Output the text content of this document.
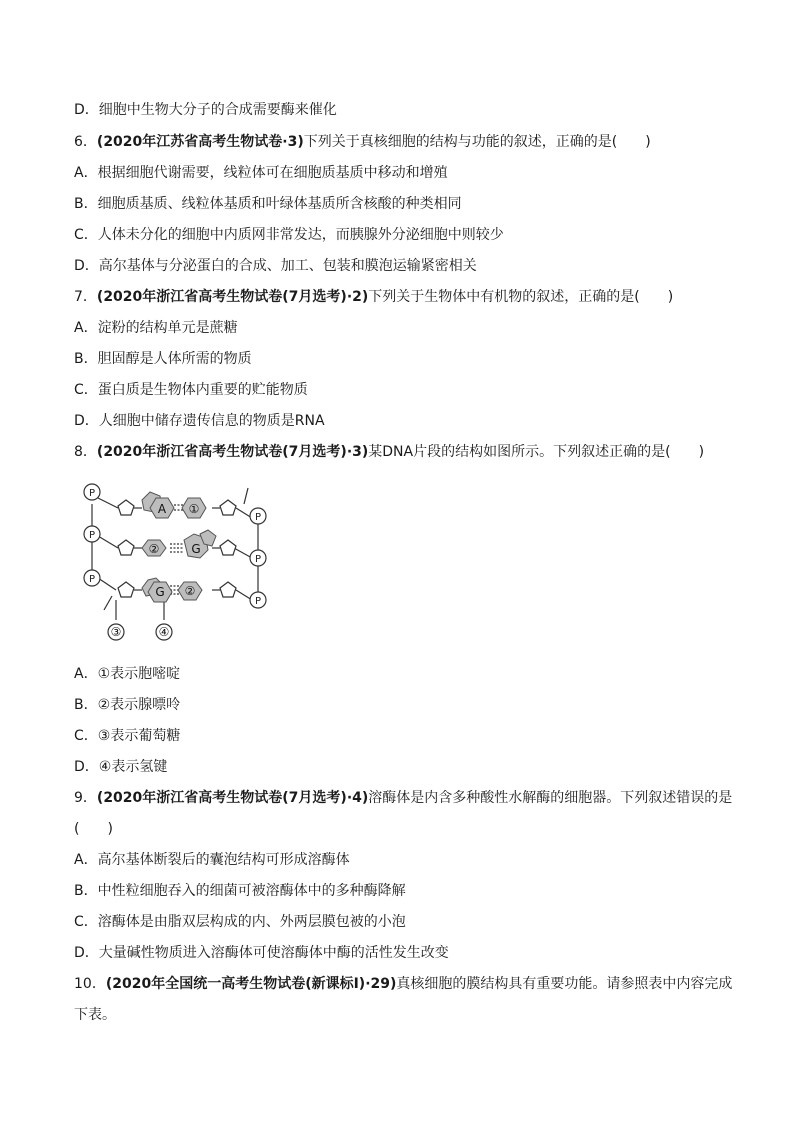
D．细胞中生物大分子的合成需要酶来催化
6．(2020年江苏省高考生物试卷·3)下列关于真核细胞的结构与功能的叙述，正确的是(　　)
A．根据细胞代谢需要，线粒体可在细胞质基质中移动和增殖
B．细胞质基质、线粒体基质和叶绿体基质所含核酸的种类相同
C．人体未分化的细胞中内质网非常发达，而胰腺外分泌细胞中则较少
D．高尔基体与分泌蛋白的合成、加工、包装和膜泡运输紧密相关
7．(2020年浙江省高考生物试卷(7月选考)·2)下列关于生物体中有机物的叙述，正确的是(　　)
A．淀粉的结构单元是蔗糖
B．胆固醇是人体所需的物质
C．蛋白质是生物体内重要的贮能物质
D．人细胞中储存遗传信息的物质是RNA
8．(2020年浙江省高考生物试卷(7月选考)·3)某DNA片段的结构如图所示。下列叙述正确的是(　　)
P
P
P
P
P
P
A ①
②	G
G ②
③	④
A．①表示胞嘧啶
B．②表示腺嘌呤
C．③表示葡萄糖
D．④表示氢键
9．(2020年浙江省高考生物试卷(7月选考)·4)溶酶体是内含多种酸性水解酶的细胞器。下列叙述错误的是
(　　)
A．高尔基体断裂后的囊泡结构可形成溶酶体
B．中性粒细胞吞入的细菌可被溶酶体中的多种酶降解
C．溶酶体是由脂双层构成的内、外两层膜包被的小泡
D．大量碱性物质进入溶酶体可使溶酶体中酶的活性发生改变
10．(2020年全国统一高考生物试卷(新课标Ⅰ)·29)真核细胞的膜结构具有重要功能。请参照表中内容完成
下表。
